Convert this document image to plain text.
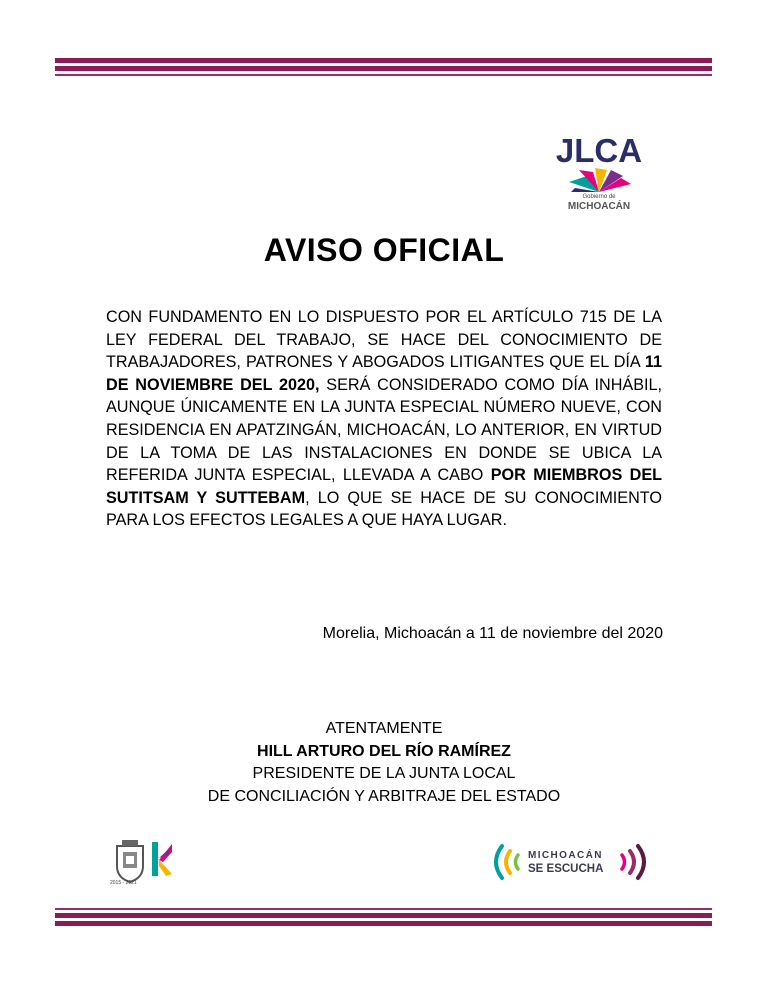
JLCA
Gobierno de
MICHOACÁN
AVISO OFICIAL
CON FUNDAMENTO EN LO DISPUESTO POR EL ARTÍCULO 715 DE LA LEY FEDERAL DEL TRABAJO, SE HACE DEL CONOCIMIENTO DE TRABAJADORES, PATRONES Y ABOGADOS LITIGANTES QUE EL DÍA 11 DE NOVIEMBRE DEL 2020, SERÁ CONSIDERADO COMO DÍA INHÁBIL, AUNQUE ÚNICAMENTE EN LA JUNTA ESPECIAL NÚMERO NUEVE, CON RESIDENCIA EN APATZINGÁN, MICHOACÁN, LO ANTERIOR, EN VIRTUD DE LA TOMA DE LAS INSTALACIONES EN DONDE SE UBICA LA REFERIDA JUNTA ESPECIAL, LLEVADA A CABO POR MIEMBROS DEL SUTITSAM Y SUTTEBAM, LO QUE SE HACE DE SU CONOCIMIENTO PARA LOS EFECTOS LEGALES A QUE HAYA LUGAR.
Morelia, Michoacán a 11 de noviembre del 2020
ATENTAMENTE
HILL ARTURO DEL RÍO RAMÍREZ
PRESIDENTE DE LA JUNTA LOCAL
DE CONCILIACIÓN Y ARBITRAJE DEL ESTADO
2015 - 2021
MICHOACÁN
SE ESCUCHA
